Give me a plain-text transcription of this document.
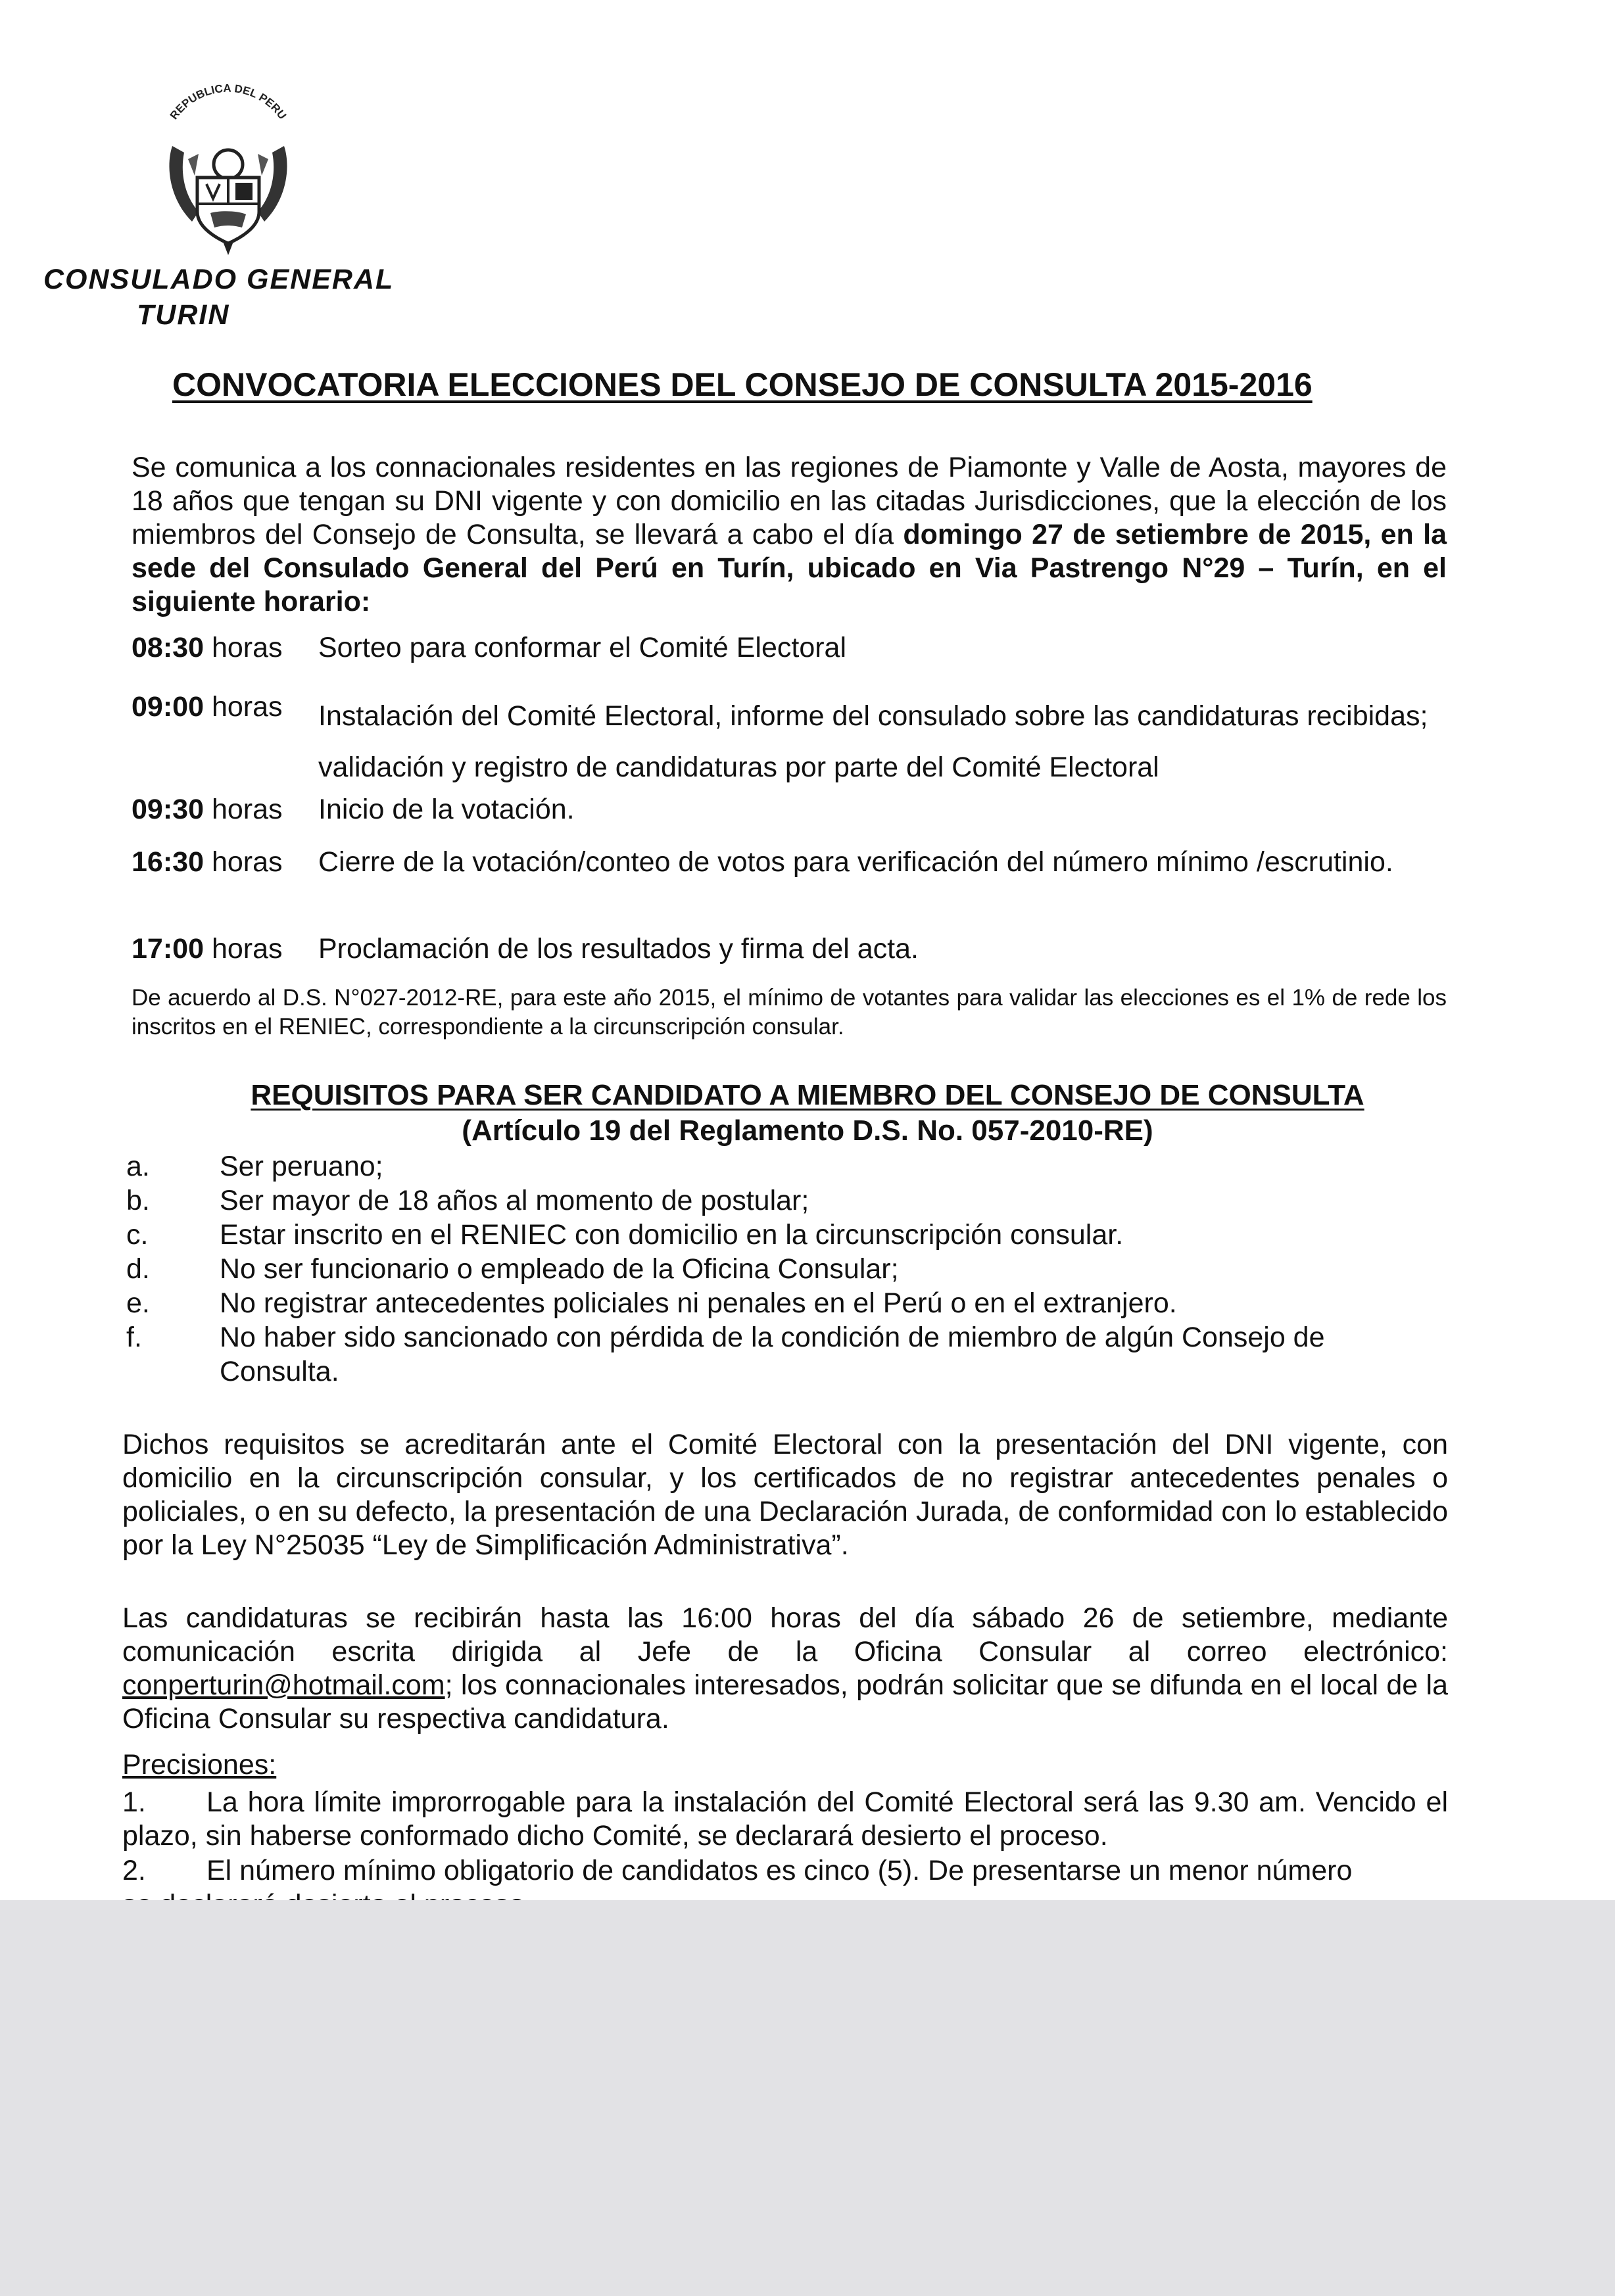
REPUBLICA DEL PERU
CONSULADO GENERAL
TURIN
CONVOCATORIA ELECCIONES DEL CONSEJO DE CONSULTA 2015-2016
Se comunica a los connacionales residentes en las regiones de Piamonte y Valle de Aosta, mayores de 18 años que tengan su DNI vigente y con domicilio en las citadas Jurisdicciones, que la elección de los miembros del Consejo de Consulta, se llevará a cabo el día domingo 27 de setiembre de 2015, en la sede del Consulado General del Perú en Turín, ubicado en Via Pastrengo N°29 – Turín, en el siguiente horario:
08:30 horas	Sorteo para conformar el Comité Electoral
09:00 horas	Instalación del Comité Electoral, informe del consulado sobre las candidaturas recibidas; validación y registro de candidaturas por parte del Comité Electoral
09:30 horas	Inicio de la votación.
16:30 horas	Cierre de la votación/conteo de votos para verificación del número mínimo /escrutinio.
17:00 horas	Proclamación de los resultados y firma del acta.
De acuerdo al D.S. N°027-2012-RE, para este año 2015, el mínimo de votantes para validar las elecciones es el 1% de rede los inscritos en el RENIEC, correspondiente a la circunscripción consular.
REQUISITOS PARA SER CANDIDATO A MIEMBRO DEL CONSEJO DE CONSULTA
(Artículo 19 del Reglamento D.S. No. 057-2010-RE)
a.	Ser peruano;
b.	Ser mayor de 18 años al momento de postular;
c.	Estar inscrito en el RENIEC con domicilio en la circunscripción consular.
d.	No ser funcionario o empleado de la Oficina Consular;
e.	No registrar antecedentes policiales ni penales en el Perú o en el extranjero.
f.	No haber sido sancionado con pérdida de la condición de miembro de algún Consejo de Consulta.
Dichos requisitos se acreditarán ante el Comité Electoral con la presentación del DNI vigente, con domicilio en la circunscripción consular, y los certificados de no registrar antecedentes penales o policiales, o en su defecto, la presentación de una Declaración Jurada, de conformidad con lo establecido por la Ley N°25035 “Ley de Simplificación Administrativa”.
Las candidaturas se recibirán hasta las 16:00 horas del día sábado 26 de setiembre, mediante comunicación escrita dirigida al Jefe de la Oficina Consular al correo electrónico: conperturin@hotmail.com; los connacionales interesados, podrán solicitar que se difunda en el local de la Oficina Consular su respectiva candidatura.
Precisiones:
1. La hora límite improrrogable para la instalación del Comité Electoral será las 9.30 am. Vencido el plazo, sin haberse conformado dicho Comité, se declarará desierto el proceso.
2. El número mínimo obligatorio de candidatos es cinco (5). De presentarse un menor número
